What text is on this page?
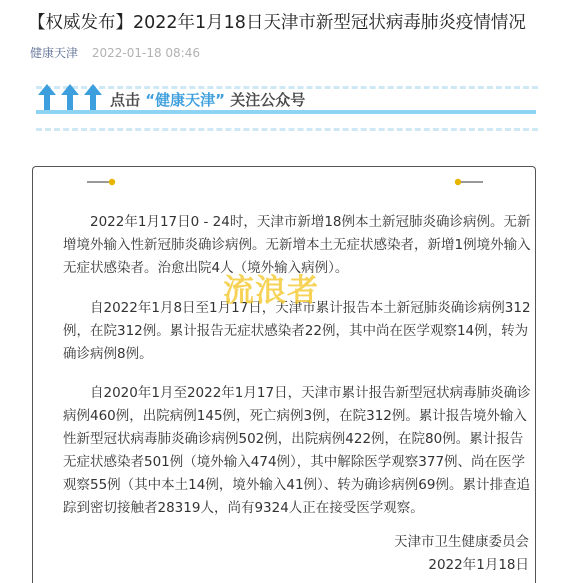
【权威发布】2022年1月18日天津市新型冠状病毒肺炎疫情情况
健康天津 2022-01-18 08:46
点击 “健康天津” 关注公众号

2022年1月17日0 - 24时，天津市新增18例本土新冠肺炎确诊病例。无新增境外输入性新冠肺炎确诊病例。无新增本土无症状感染者，新增1例境外输入无症状感染者。治愈出院4人（境外输入病例）。

自2022年1月8日至1月17日，天津市累计报告本土新冠肺炎确诊病例312例，在院312例。累计报告无症状感染者22例，其中尚在医学观察14例，转为确诊病例8例。

自2020年1月至2022年1月17日，天津市累计报告新型冠状病毒肺炎确诊病例460例，出院病例145例，死亡病例3例，在院312例。累计报告境外输入性新型冠状病毒肺炎确诊病例502例，出院病例422例，在院80例。累计报告无症状感染者501例（境外输入474例），其中解除医学观察377例、尚在医学观察55例（其中本土14例，境外输入41例）、转为确诊病例69例。累计排查追踪到密切接触者28319人，尚有9324人正在接受医学观察。

天津市卫生健康委员会
2022年1月18日
流浪者
